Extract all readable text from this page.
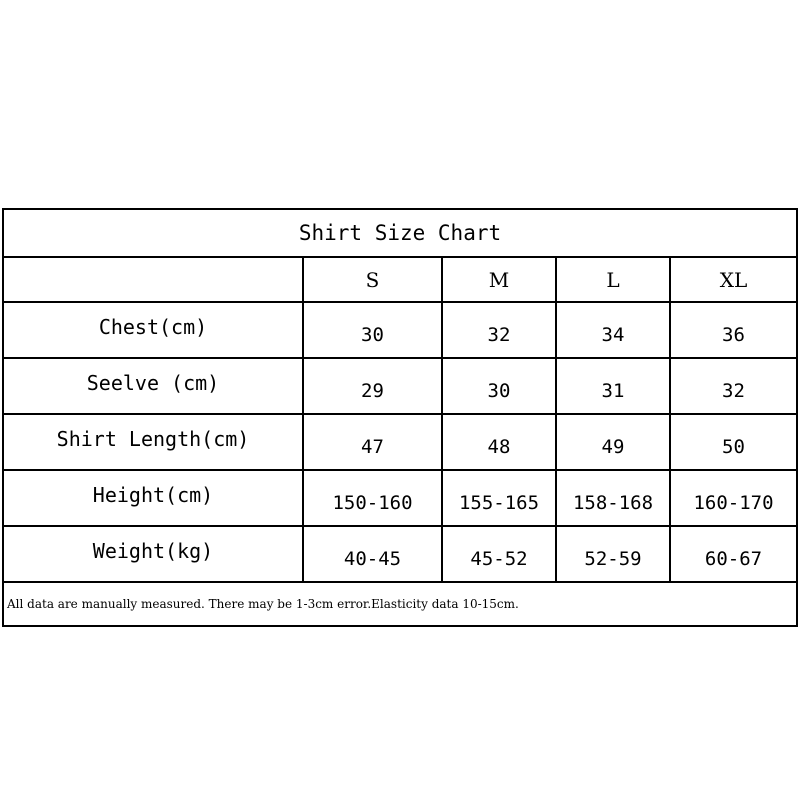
Shirt Size Chart				
	S	M	L	XL
Chest(cm)	30	32	34	36
Seelve (cm)	29	30	31	32
Shirt Length(cm)	47	48	49	50
Height(cm)	150-160	155-165	158-168	160-170
Weight(kg)	40-45	45-52	52-59	60-67
All data are manually measured. There may be 1-3cm error.Elasticity data 10-15cm.				
